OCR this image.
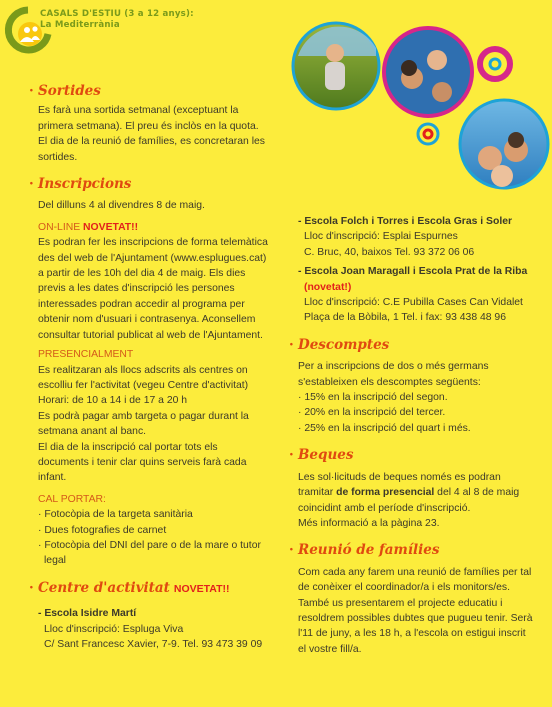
CASALS D'ESTIU (3 a 12 anys):
La Mediterrània
· Sortides

Es farà una sortida setmanal (exceptuant la primera setmana). El preu és inclòs en la quota. El dia de la reunió de famílies, es concretaran les sortides.

· Inscripcions

Del dilluns 4 al divendres 8 de maig.

ON-LINE NOVETAT!!

Es podran fer les inscripcions de forma telemàtica des del web de l'Ajuntament (www.esplugues.cat) a partir de les 10h del dia 4 de maig. Els dies previs a les dates d'inscripció les persones interessades podran accedir al programa per obtenir nom d'usuari i contrasenya. Aconsellem consultar tutorial publicat al web de l'Ajuntament.

PRESENCIALMENT

Es realitzaran als llocs adscrits als centres on escolliu fer l'activitat (vegeu Centre d'activitat)

Horari: de 10 a 14 i de 17 a 20 h

Es podrà pagar amb targeta o pagar durant la setmana anant al banc.

El dia de la inscripció cal portar tots els documents i tenir clar quins serveis farà cada infant.

CAL PORTAR:

· Fotocòpia de la targeta sanitària

· Dues fotografies de carnet

· Fotocòpia del DNI del pare o de la mare o tutor legal

· Centre d'activitat NOVETAT!!

- Escola Isidre Martí

Lloc d'inscripció: Espluga Viva

C/ Sant Francesc Xavier, 7-9. Tel. 93 473 39 09

- Escola Folch i Torres i Escola Gras i Soler

Lloc d'inscripció: Esplai Espurnes

C. Bruc, 40, baixos Tel. 93 372 06 06

- Escola Joan Maragall i Escola Prat de la Riba

(novetat!)

Lloc d'inscripció: C.E Pubilla Cases Can Vidalet

Plaça de la Bòbila, 1 Tel. i fax: 93 438 48 96

· Descomptes

Per a inscripcions de dos o més germans s'estableixen els descomptes següents:

· 15% en la inscripció del segon.

· 20% en la inscripció del tercer.

· 25% en la inscripció del quart i més.

· Beques

Les sol·licituds de beques només es podran tramitar de forma presencial del 4 al 8 de maig coincidint amb el període d'inscripció.

Més informació a la pàgina 23.

· Reunió de famílies

Com cada any farem una reunió de famílies per tal de conèixer el coordinador/a i els monitors/es. També us presentarem el projecte educatiu i resoldrem possibles dubtes que pugueu tenir. Serà l'11 de juny, a les 18 h, a l'escola on estigui inscrit el vostre fill/a.
